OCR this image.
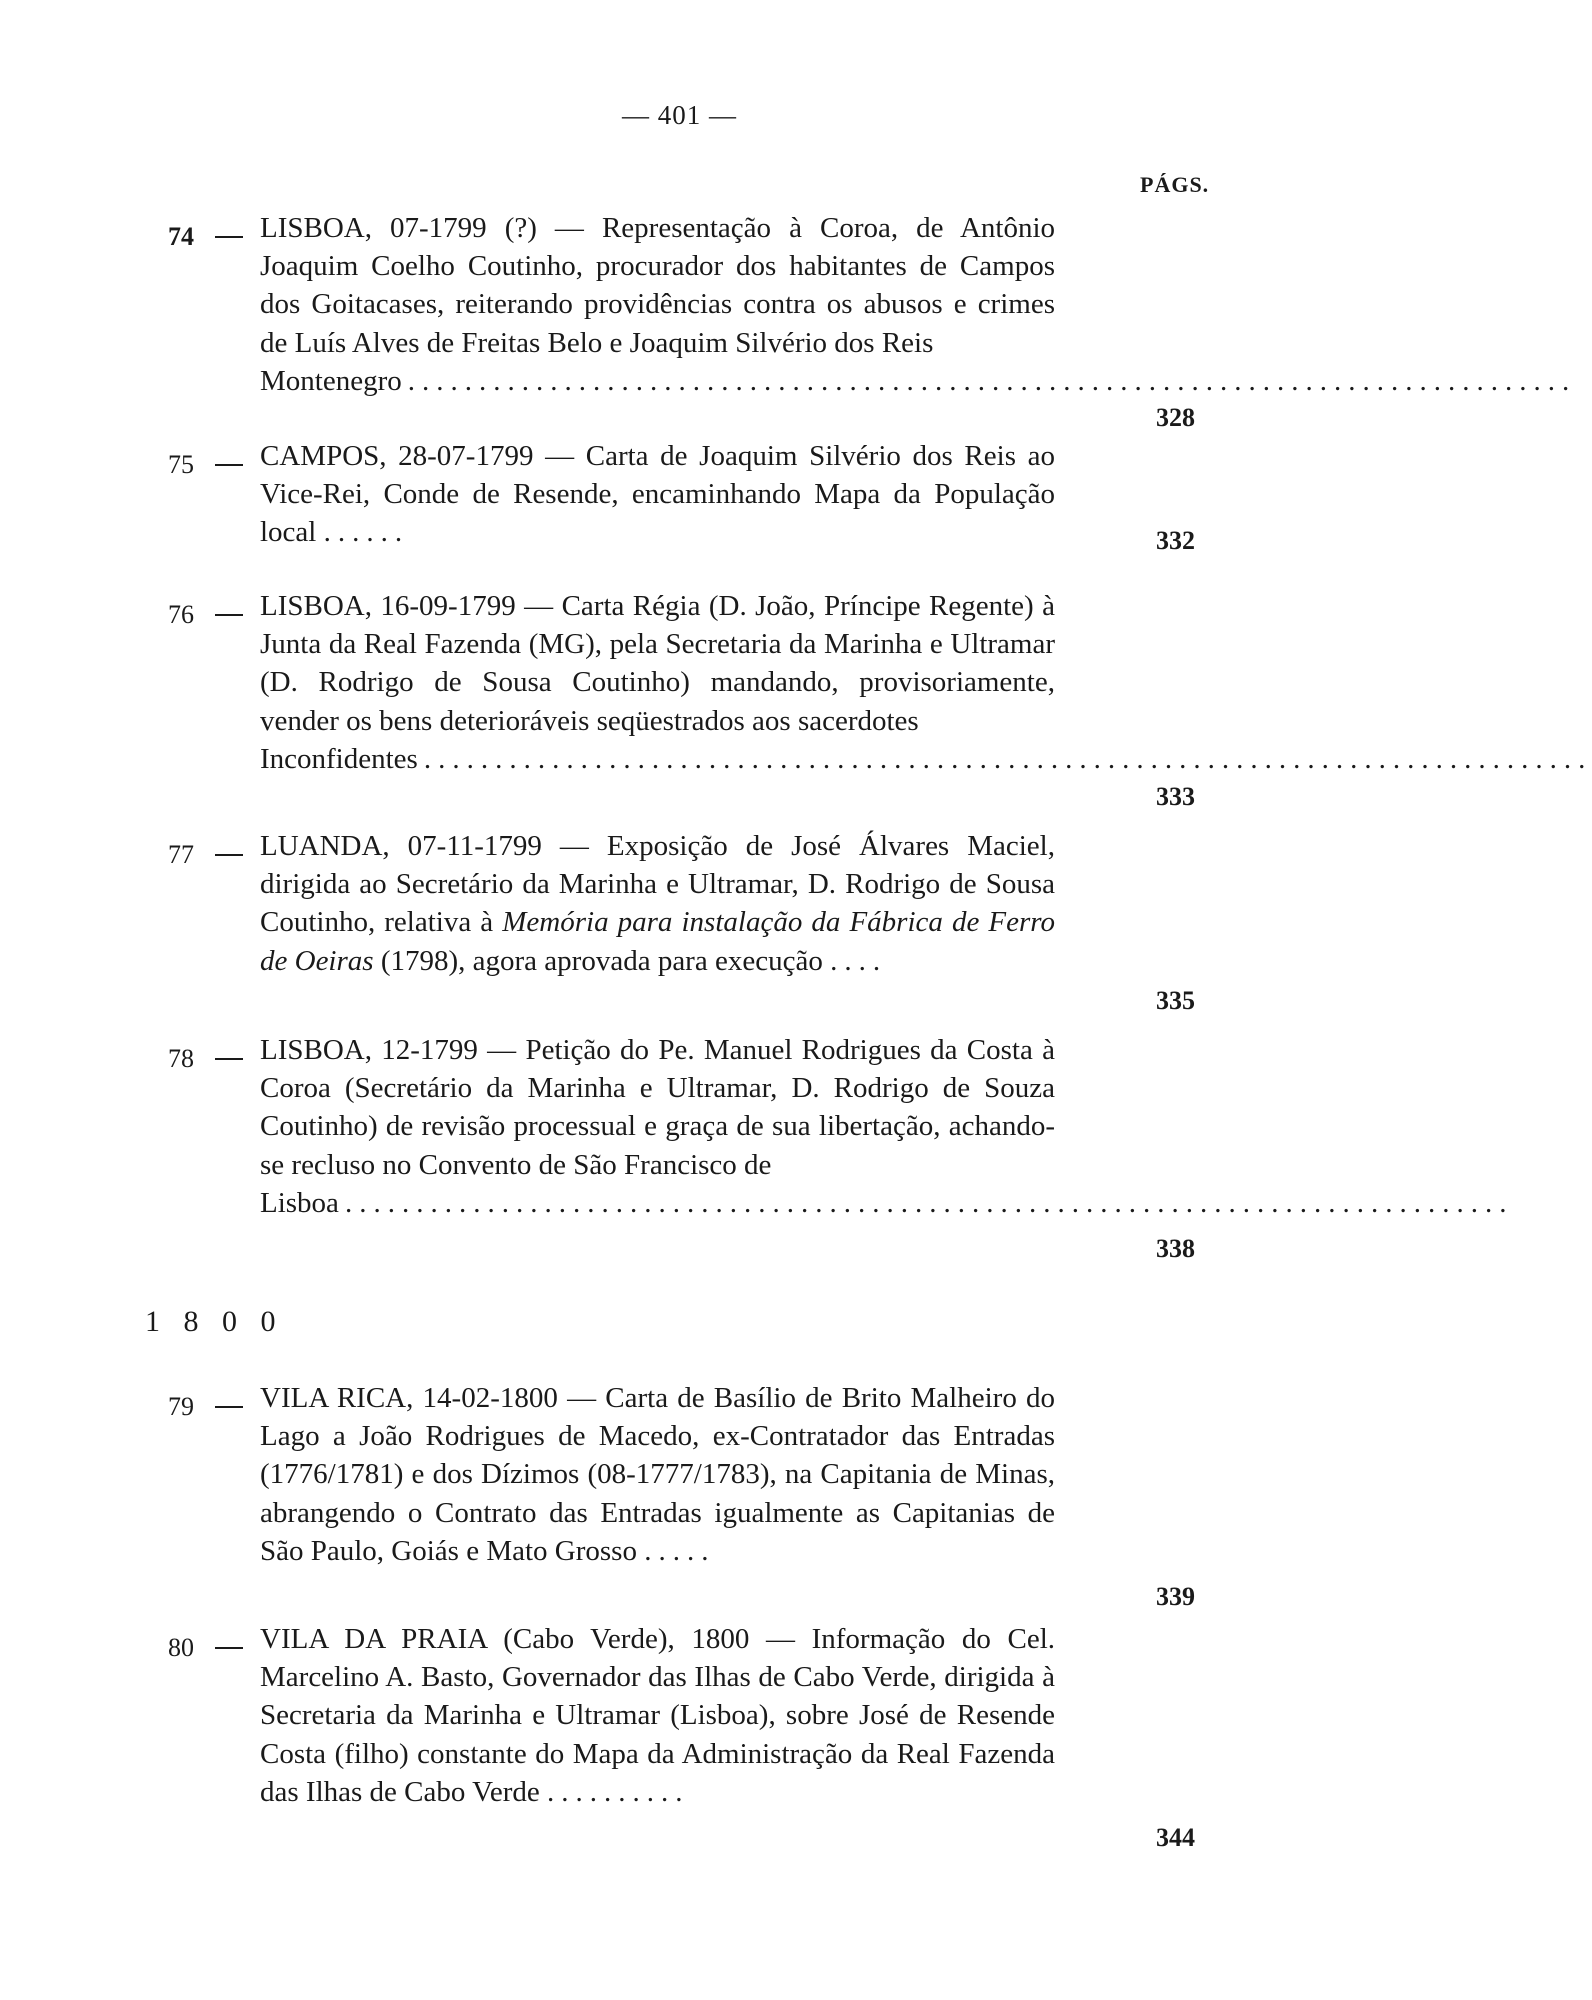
— 401 —
PÁGS.
74 LISBOA, 07-1799 (?) — Representação à Coroa, de Antônio Joaquim Coelho Coutinho, procurador dos habitantes de Campos dos Goitacases, reiterando providências contra os abusos e crimes de Luís Alves de Freitas Belo e Joaquim Silvério dos Reis
Montenegro ..................................................................................
328
75 CAMPOS, 28-07-1799 — Carta de Joaquim Silvério dos Reis ao Vice-Rei, Conde de Resende, encaminhando Mapa da População local ......	332
76 LISBOA, 16-09-1799 — Carta Régia (D. João, Príncipe Regente) à Junta da Real Fazenda (MG), pela Secretaria da Marinha e Ultramar (D. Rodrigo de Sousa Coutinho) mandando, provisoriamente, vender os bens deterioráveis seqüestrados aos sacerdotes
Inconfidentes ..................................................................................
333
77 LUANDA, 07-11-1799 — Exposição de José Álvares Maciel, dirigida ao Secretário da Marinha e Ultramar, D. Rodrigo de Sousa Coutinho, relativa à Memória para instalação da Fábrica de Ferro de Oeiras (1798), agora aprovada para execução ....
335
78 LISBOA, 12-1799 — Petição do Pe. Manuel Rodrigues da Costa à Coroa (Secretário da Marinha e Ultramar, D. Rodrigo de Souza Coutinho) de revisão processual e graça de sua libertação, achando-se recluso no Convento de São Francisco de
Lisboa ..................................................................................
338
1 8 0 0
79 VILA RICA, 14-02-1800 — Carta de Basílio de Brito Malheiro do Lago a João Rodrigues de Macedo, ex-Contratador das Entradas (1776/1781) e dos Dízimos (08-1777/1783), na Capitania de Minas, abrangendo o Contrato das Entradas igualmente as Capitanias de São Paulo, Goiás e Mato Grosso .....
339
80 VILA DA PRAIA (Cabo Verde), 1800 — Informação do Cel. Marcelino A. Basto, Governador das Ilhas de Cabo Verde, dirigida à Secretaria da Marinha e Ultramar (Lisboa), sobre José de Resende Costa (filho) constante do Mapa da Administração da Real Fazenda das Ilhas de Cabo Verde ..........
344
